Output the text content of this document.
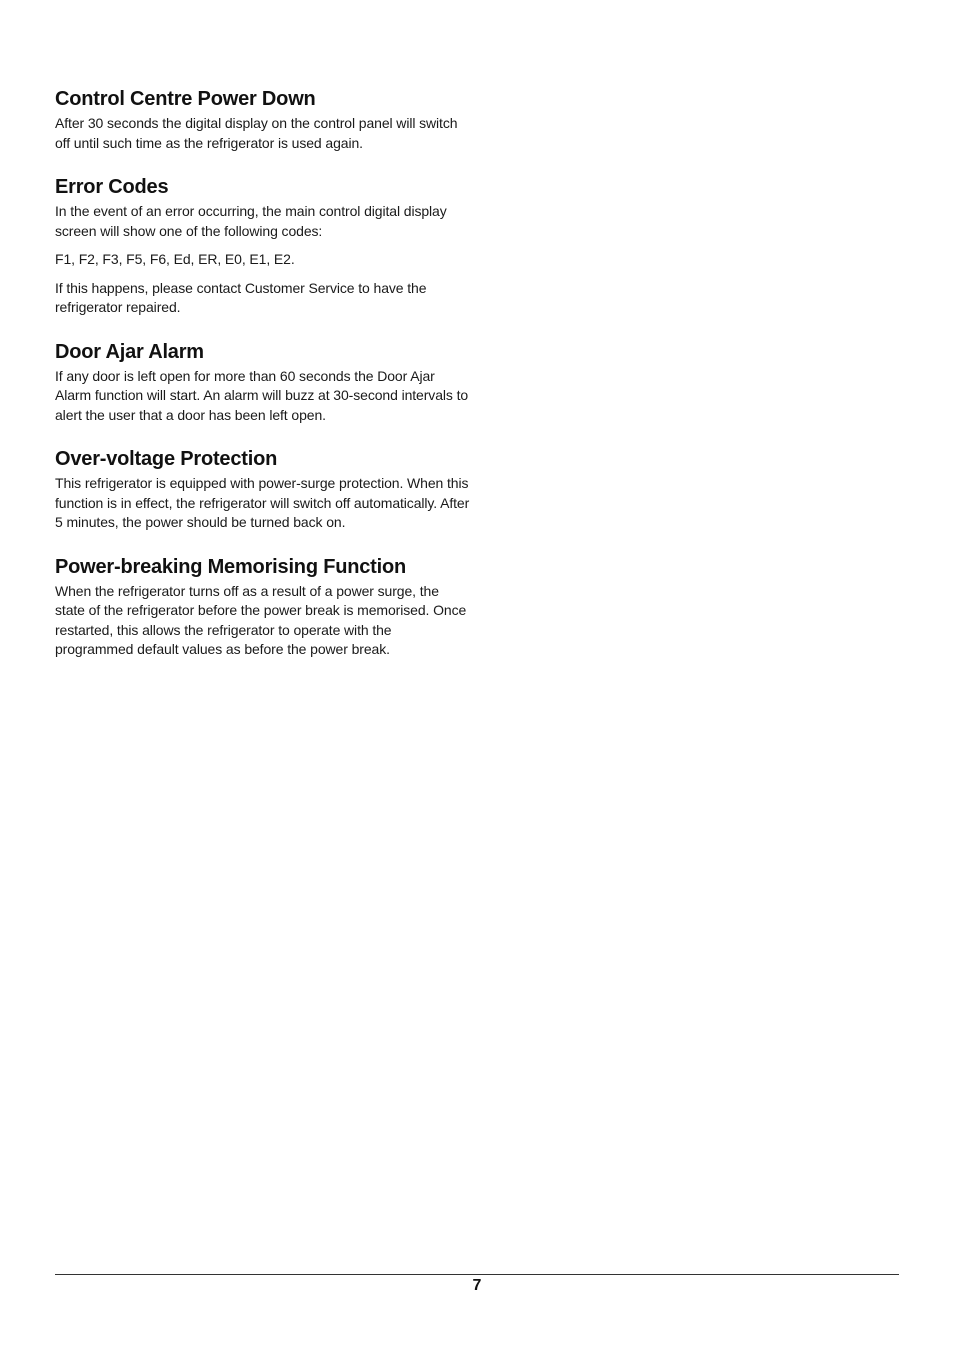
Control Centre Power Down

After 30 seconds the digital display on the control panel will switch off until such time as the refrigerator is used again.

Error Codes

In the event of an error occurring, the main control digital display screen will show one of the following codes:

F1, F2, F3, F5, F6, Ed, ER, E0, E1, E2.

If this happens, please contact Customer Service to have the refrigerator repaired.

Door Ajar Alarm

If any door is left open for more than 60 seconds the Door Ajar Alarm function will start. An alarm will buzz at 30-second intervals to alert the user that a door has been left open.

Over-voltage Protection

This refrigerator is equipped with power-surge protection. When this function is in effect, the refrigerator will switch off automatically. After 5 minutes, the power should be turned back on.

Power-breaking Memorising Function

When the refrigerator turns off as a result of a power surge, the state of the refrigerator before the power break is memorised. Once restarted, this allows the refrigerator to operate with the programmed default values as before the power break.

7
